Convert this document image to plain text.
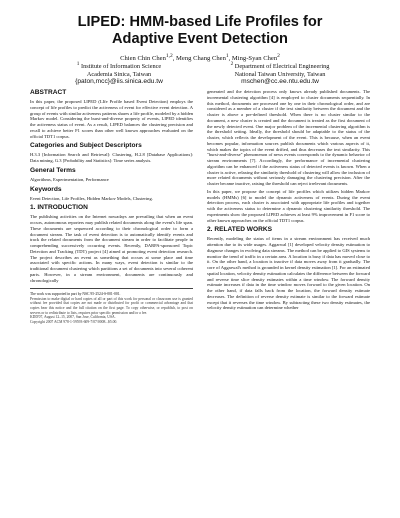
LIPED: HMM-based Life Profiles for Adaptive Event Detection
Chien Chin Chen$^{1,2}$, Meng Chang Chen$^1$, Ming-Syan Chen$^2$
$^1$ Institute of Information Science
Academia Sinica, Taiwan
{paton,mcc}@iis.sinica.edu.tw
$^2$ Department of Electrical Engineering
National Taiwan University, Taiwan
mschen@cc.ee.ntu.edu.tw
ABSTRACT

In this paper, the proposed LIPED (LIfe Profile based Event Detection) employs the concept of life profiles to predict the activeness of event for effective event detection. A group of events with similar activeness patterns shares a life profile, modeled by a hidden Markov model. Considering the burst-and-diverse property of events, LIPED identifies the activeness status of event. As a result, LIPED balances the clustering precision and recall to achieve better F1 scores than other well known approaches evaluated on the official TDT1 corpus.

Categories and Subject Descriptors

H.3.3 [Information Search and Retrieval]: Clustering, H.2.8 [Database Applications]: Data mining, G.3 [Probability and Statistics]: Time series analysis.

General Terms

Algorithms, Experimentation, Performance

Keywords

Event Detection, Life Profiles, Hidden Markov Models, Clustering.

1. INTRODUCTION

The publishing activities on the Internet nowadays are prevailing that when an event occurs, autonomous reporters may publish related documents along the event's life span. These documents are sequenced according to their chronological order to form a document stream. The task of event detection is to automatically identify events and track the related documents from the document stream in order to facilitate people in comprehending successively occurring events. Recently, DARPA-sponsored Topic Detection and Tracking (TDT) project [4] aimed at promoting event detection research. The project describes an event as something that occurs at some place and time associated with specific actions. In many ways, event detection is similar to the traditional document clustering which partitions a set of documents into several coherent parts. However, in a stream environment, documents are continuously and chronologically

The work was supported in part by NSC 95-2524-S-001-001.
Permission to make digital or hard copies of all or part of this work for personal or classroom use is granted without fee provided that copies are not made or distributed for profit or commercial advantage and that copies bear this notice and the full citation on the first page. To copy otherwise, or republish, to post on servers or to redistribute to lists, requires prior specific permission and/or a fee.
KDD'07, August 12–15, 2007, San Jose, California, USA.
Copyright 2007 ACM 978-1-59593-609-7/07/0008...$5.00.

generated and the detection process only knows already published documents. The incremental clustering algorithm [4] is employed to cluster documents sequentially. In this method, documents are processed one by one in their chronological order, and are considered as a member of a cluster if the text similarity between the document and the cluster is above a pre-defined threshold. When there is no cluster similar to the document, a new cluster is created and the document is treated as the first document of the newly detected event. One major problem of the incremental clustering algorithm is the threshold setting. Ideally, the threshold should be adaptable to the status of the cluster, which reflects the development of the event. This is because, when an event becomes popular, information sources publish documents which various aspects of it, which makes the topics of the event drifted, and thus decreases the text similarity. This "burst-and-diverse" phenomenon of news events corresponds to the dynamic behavior of stream environments [7]. Accordingly, the performance of incremental clustering algorithm can be enhanced if the activeness status of detected events is known. When a cluster is active, relaxing the similarity threshold of clustering will allow the inclusion of more related documents without seriously damaging the clustering precision. After the cluster became inactive, raising the threshold can reject irrelevant documents.

In this paper, we propose the concept of life profiles which utilizes hidden Markov models (HMMs) [6] to model the dynamic activeness of events. During the event detection process, each cluster is associated with appropriate life profiles and together with the activeness status to determine a dynamic clustering similarity threshold. The experiments show the proposed LIPED achieves at least 9% improvement in F1 score to other known approaches on the official TDT1 corpus.

2. RELATED WORKS

Recently, modeling the status of items in a stream environment has received much attention due to its wide usages. Aggarwal [1] developed velocity density estimation to diagnose changes in evolving data streams. The method can be applied to GIS systems to monitor the trend of traffic in a certain area. A location is busy if data has moved close to it. On the other hand, a location is inactive if data moves away from it gradually. The core of Aggarwal's method is grounded in kernel density estimation [1]. For an estimated spatial location, velocity density estimation calculates the difference between the forward and reverse time slice density estimates within a time window. The forward density estimate increases if data in the time window moves forward to the given location. On the other hand, if data falls back from the location, the forward density estimate decreases. The definition of reverse density estimate is similar to the forward estimate except that it reverses the time window. By subtracting these two density estimates, the velocity density estimation can determine whether
